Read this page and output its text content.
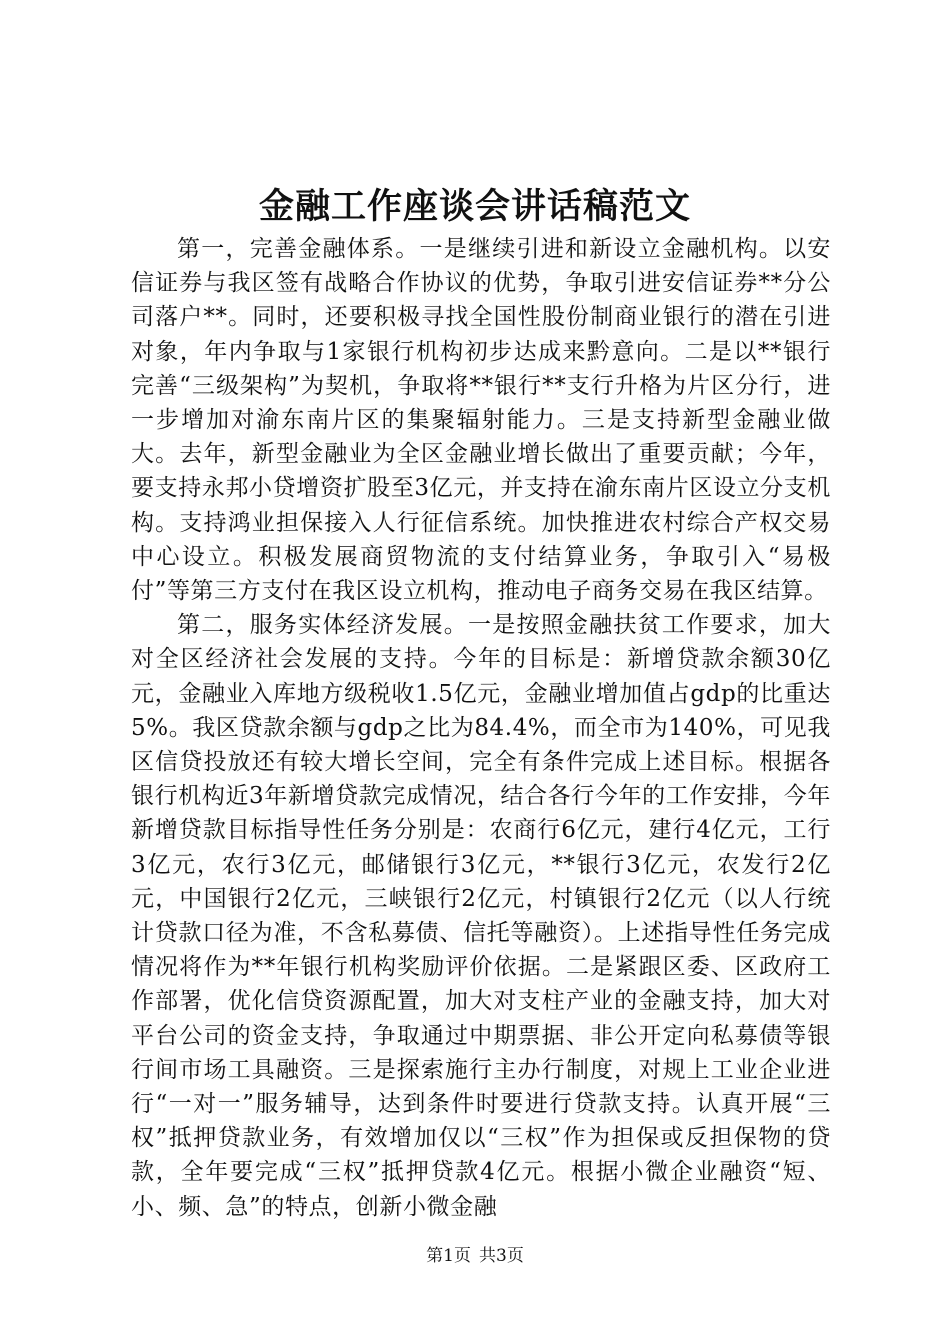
金融工作座谈会讲话稿范文

第一，完善金融体系。一是继续引进和新设立金融机构。以安信证券与我区签有战略合作协议的优势，争取引进安信证券**分公司落户**。同时，还要积极寻找全国性股份制商业银行的潜在引进对象，年内争取与1家银行机构初步达成来黔意向。二是以**银行完善“三级架构”为契机，争取将**银行**支行升格为片区分行，进一步增加对渝东南片区的集聚辐射能力。三是支持新型金融业做大。去年，新型金融业为全区金融业增长做出了重要贡献；今年，要支持永邦小贷增资扩股至3亿元，并支持在渝东南片区设立分支机构。支持鸿业担保接入人行征信系统。加快推进农村综合产权交易中心设立。积极发展商贸物流的支付结算业务，争取引入“易极付”等第三方支付在我区设立机构，推动电子商务交易在我区结算。

第二，服务实体经济发展。一是按照金融扶贫工作要求，加大对全区经济社会发展的支持。今年的目标是：新增贷款余额30亿元，金融业入库地方级税收1.5亿元，金融业增加值占gdp的比重达5%。我区贷款余额与gdp之比为84.4%，而全市为140%，可见我区信贷投放还有较大增长空间，完全有条件完成上述目标。根据各银行机构近3年新增贷款完成情况，结合各行今年的工作安排，今年新增贷款目标指导性任务分别是：农商行6亿元，建行4亿元，工行3亿元，农行3亿元，邮储银行3亿元，**银行3亿元，农发行2亿元，中国银行2亿元，三峡银行2亿元，村镇银行2亿元（以人行统计贷款口径为准，不含私募债、信托等融资）。上述指导性任务完成情况将作为**年银行机构奖励评价依据。二是紧跟区委、区政府工作部署，优化信贷资源配置，加大对支柱产业的金融支持，加大对平台公司的资金支持，争取通过中期票据、非公开定向私募债等银行间市场工具融资。三是探索施行主办行制度，对规上工业企业进行“一对一”服务辅导，达到条件时要进行贷款支持。认真开展“三权”抵押贷款业务，有效增加仅以“三权”作为担保或反担保物的贷款，全年要完成“三权”抵押贷款4亿元。根据小微企业融资“短、小、频、急”的特点，创新小微金融

第1页 共3页
